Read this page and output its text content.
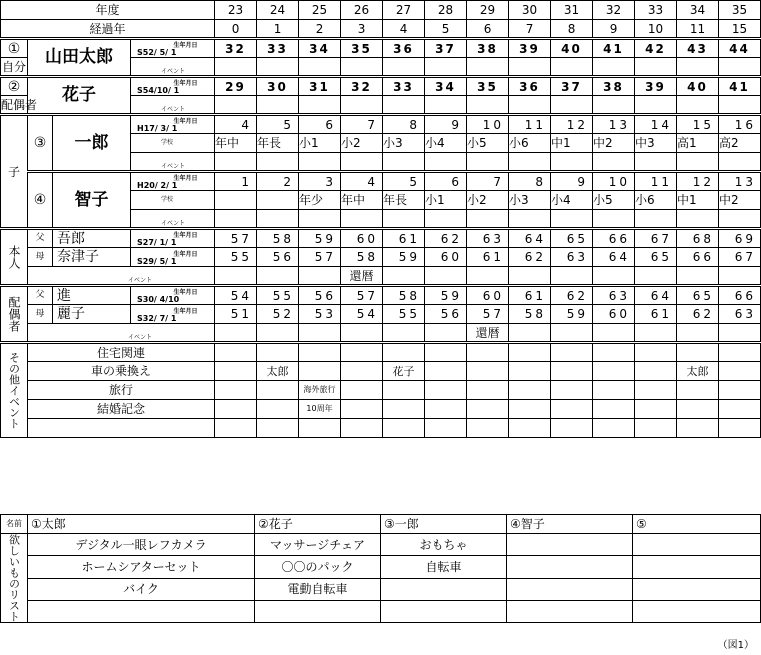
年度				23	24	25	26	27	28	29	30	31	32	33	34	35
経過年				0	1	2	3	4	5	6	7	8	9	10	11	15
①	山田太郎		生年月日
S52/ 5/ 1	32	33	34	35	36	37	38	39	40	41	42	43	44
自分			イベント													
②	花子		生年月日
S54/10/ 1	29	30	31	32	33	34	35	36	37	38	39	40	41
配偶者			イベント													
子	③	一郎	生年月日
H17/ 3/ 1	4	5	6	7	8	9	10	11	12	13	14	15	16
			学校	年中	年長	小1	小2	小3	小4	小5	小6	中1	中2	中3	高1	高2
			イベント													
	④	智子	生年月日
H20/ 2/ 1	1	2	3	4	5	6	7	8	9	10	11	12	13
			学校			年少	年中	年長	小1	小2	小3	小4	小5	小6	中1	中2
			イベント													
本人	父	吾郎	生年月日
S27/ 1/ 1	57	58	59	60	61	62	63	64	65	66	67	68	69
	母	奈津子	生年月日
S29/ 5/ 1	55	56	57	58	59	60	61	62	63	64	65	66	67
	イベント						還暦									
配偶者	父	進	生年月日
S30/ 4/10	54	55	56	57	58	59	60	61	62	63	64	65	66
	母	麗子	生年月日
S32/ 7/ 1	51	52	53	54	55	56	57	58	59	60	61	62	63
	イベント									還暦						
その他イベント	住宅関連															
	車の乗換え				太郎			花子							太郎	
	旅行					海外旅行										
	結婚記念					10周年										

名前	①太郎	②花子	③一郎	④智子	⑤
欲しいものリスト	デジタル一眼レフカメラ	マッサージチェア	おもちゃ		
	ホームシアターセット	〇〇のパック	自転車		
	バイク	電動自転車			

（図1）
